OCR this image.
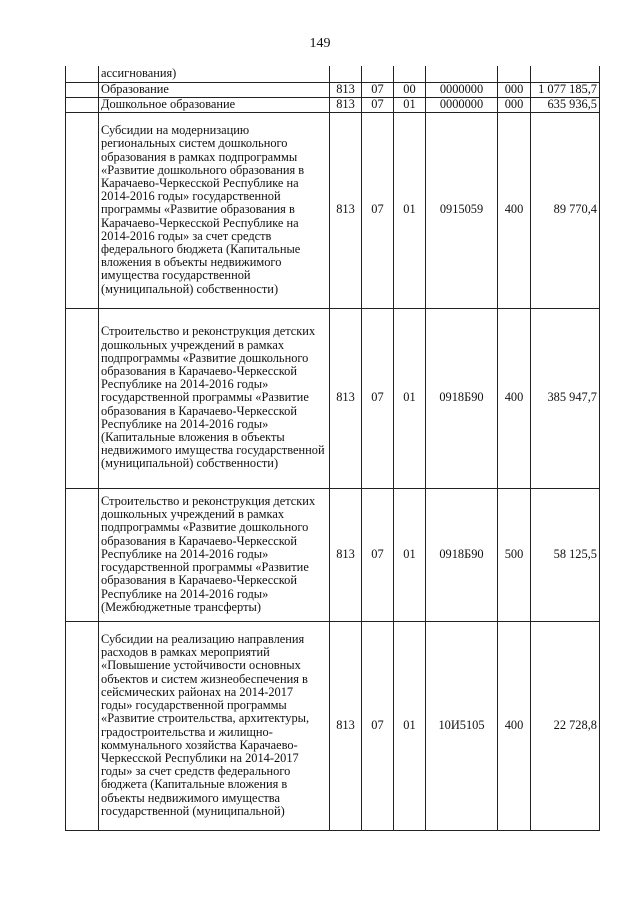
149
	ассигнования)						
	Образование	813	07	00	0000000	000	1 077 185,7
	Дошкольное образование	813	07	01	0000000	000	635 936,5
	Субсидии на модернизацию региональных систем дошкольного образования в рамках подпрограммы «Развитие дошкольного образования в Карачаево-Черкесской Республике на 2014-2016 годы» государственной программы «Развитие образования в Карачаево-Черкесской Республике на 2014-2016 годы» за счет средств федерального бюджета (Капитальные вложения в объекты недвижимого имущества государственной (муниципальной) собственности)	813	07	01	0915059	400	89 770,4
	Строительство и реконструкция детских дошкольных учреждений в рамках подпрограммы «Развитие дошкольного образования в Карачаево-Черкесской Республике на 2014-2016 годы» государственной программы «Развитие образования в Карачаево-Черкесской Республике на 2014-2016 годы» (Капитальные вложения в объекты недвижимого имущества государственной (муниципальной) собственности)	813	07	01	0918Б90	400	385 947,7
	Строительство и реконструкция детских дошкольных учреждений в рамках подпрограммы «Развитие дошкольного образования в Карачаево-Черкесской Республике на 2014-2016 годы» государственной программы «Развитие образования в Карачаево-Черкесской Республике на 2014-2016 годы» (Межбюджетные трансферты)	813	07	01	0918Б90	500	58 125,5
	Субсидии на реализацию направления расходов в рамках мероприятий «Повышение устойчивости основных объектов и систем жизнеобеспечения в сейсмических районах на 2014-2017 годы» государственной программы «Развитие строительства, архитектуры, градостроительства и жилищно-коммунального хозяйства Карачаево-Черкесской Республики на 2014-2017 годы» за счет средств федерального бюджета (Капитальные вложения в объекты недвижимого имущества государственной (муниципальной)	813	07	01	10И5105	400	22 728,8
